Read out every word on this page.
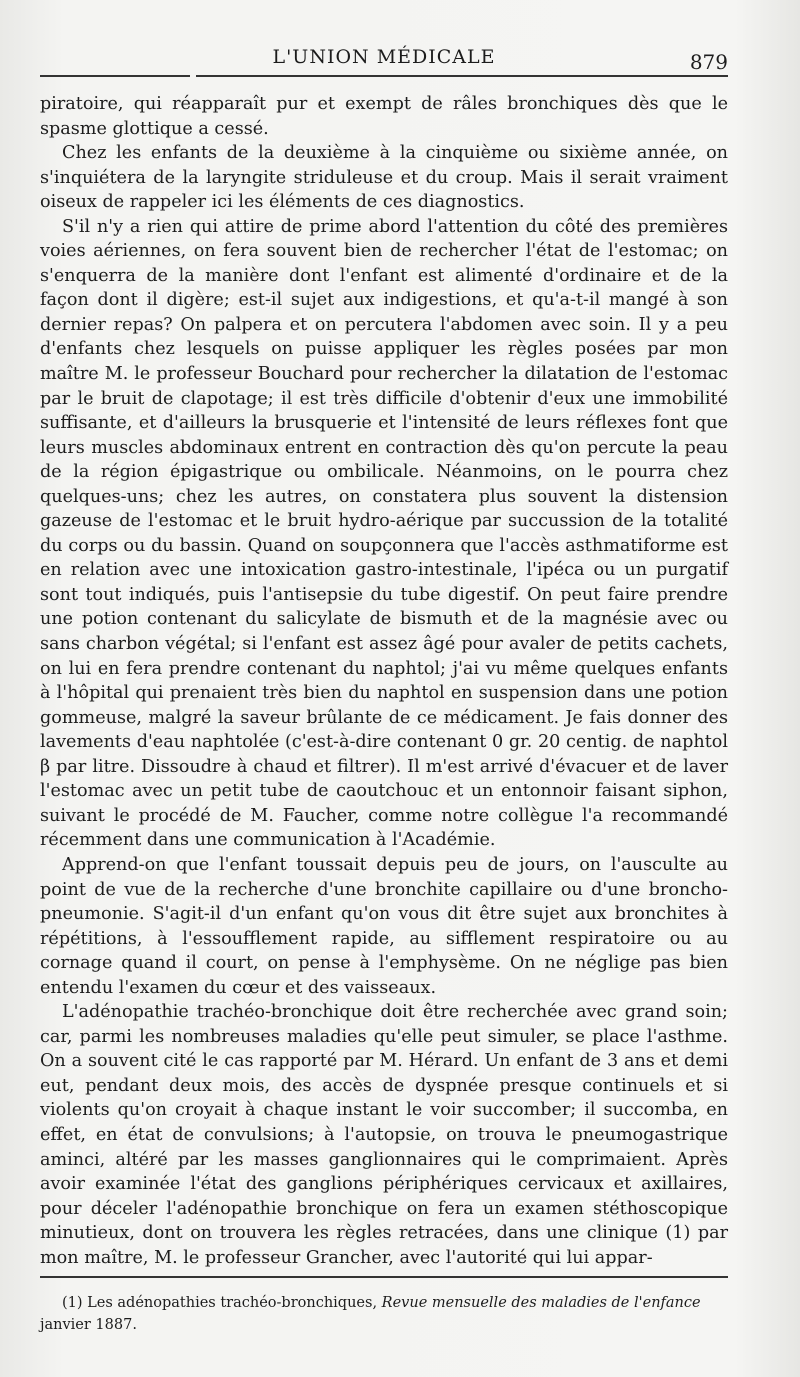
L'UNION MÉDICALE	879

piratoire, qui réapparaît pur et exempt de râles bronchiques dès que le spasme glottique a cessé.

Chez les enfants de la deuxième à la cinquième ou sixième année, on s'inquiétera de la laryngite striduleuse et du croup. Mais il serait vraiment oiseux de rappeler ici les éléments de ces diagnostics.

S'il n'y a rien qui attire de prime abord l'attention du côté des premières voies aériennes, on fera souvent bien de rechercher l'état de l'estomac; on s'enquerra de la manière dont l'enfant est alimenté d'ordinaire et de la façon dont il digère; est-il sujet aux indigestions, et qu'a-t-il mangé à son dernier repas? On palpera et on percutera l'abdomen avec soin. Il y a peu d'enfants chez lesquels on puisse appliquer les règles posées par mon maître M. le professeur Bouchard pour rechercher la dilatation de l'estomac par le bruit de clapotage; il est très difficile d'obtenir d'eux une immobilité suffisante, et d'ailleurs la brusquerie et l'intensité de leurs réflexes font que leurs muscles abdominaux entrent en contraction dès qu'on percute la peau de la région épigastrique ou ombilicale. Néanmoins, on le pourra chez quelques-uns; chez les autres, on constatera plus souvent la distension gazeuse de l'estomac et le bruit hydro-aérique par succussion de la totalité du corps ou du bassin. Quand on soupçonnera que l'accès asthmatiforme est en relation avec une intoxication gastro-intestinale, l'ipéca ou un purgatif sont tout indiqués, puis l'antisepsie du tube digestif. On peut faire prendre une potion contenant du salicylate de bismuth et de la magnésie avec ou sans charbon végétal; si l'enfant est assez âgé pour avaler de petits cachets, on lui en fera prendre contenant du naphtol; j'ai vu même quelques enfants à l'hôpital qui prenaient très bien du naphtol en suspension dans une potion gommeuse, malgré la saveur brûlante de ce médicament. Je fais donner des lavements d'eau naphtolée (c'est-à-dire contenant 0 gr. 20 centig. de naphtol β par litre. Dissoudre à chaud et filtrer). Il m'est arrivé d'évacuer et de laver l'estomac avec un petit tube de caoutchouc et un entonnoir faisant siphon, suivant le procédé de M. Faucher, comme notre collègue l'a recommandé récemment dans une communication à l'Académie.

Apprend-on que l'enfant toussait depuis peu de jours, on l'ausculte au point de vue de la recherche d'une bronchite capillaire ou d'une broncho-pneumonie. S'agit-il d'un enfant qu'on vous dit être sujet aux bronchites à répétitions, à l'essoufflement rapide, au sifflement respiratoire ou au cornage quand il court, on pense à l'emphysème. On ne néglige pas bien entendu l'examen du cœur et des vaisseaux.

L'adénopathie trachéo-bronchique doit être recherchée avec grand soin; car, parmi les nombreuses maladies qu'elle peut simuler, se place l'asthme. On a souvent cité le cas rapporté par M. Hérard. Un enfant de 3 ans et demi eut, pendant deux mois, des accès de dyspnée presque continuels et si violents qu'on croyait à chaque instant le voir succomber; il succomba, en effet, en état de convulsions; à l'autopsie, on trouva le pneumogastrique aminci, altéré par les masses ganglionnaires qui le comprimaient. Après avoir examinée l'état des ganglions périphériques cervicaux et axillaires, pour déceler l'adénopathie bronchique on fera un examen stéthoscopique minutieux, dont on trouvera les règles retracées, dans une clinique (1) par mon maître, M. le professeur Grancher, avec l'autorité qui lui appar-

(1) Les adénopathies trachéo-bronchiques, Revue mensuelle des maladies de l'enfance
janvier 1887.
